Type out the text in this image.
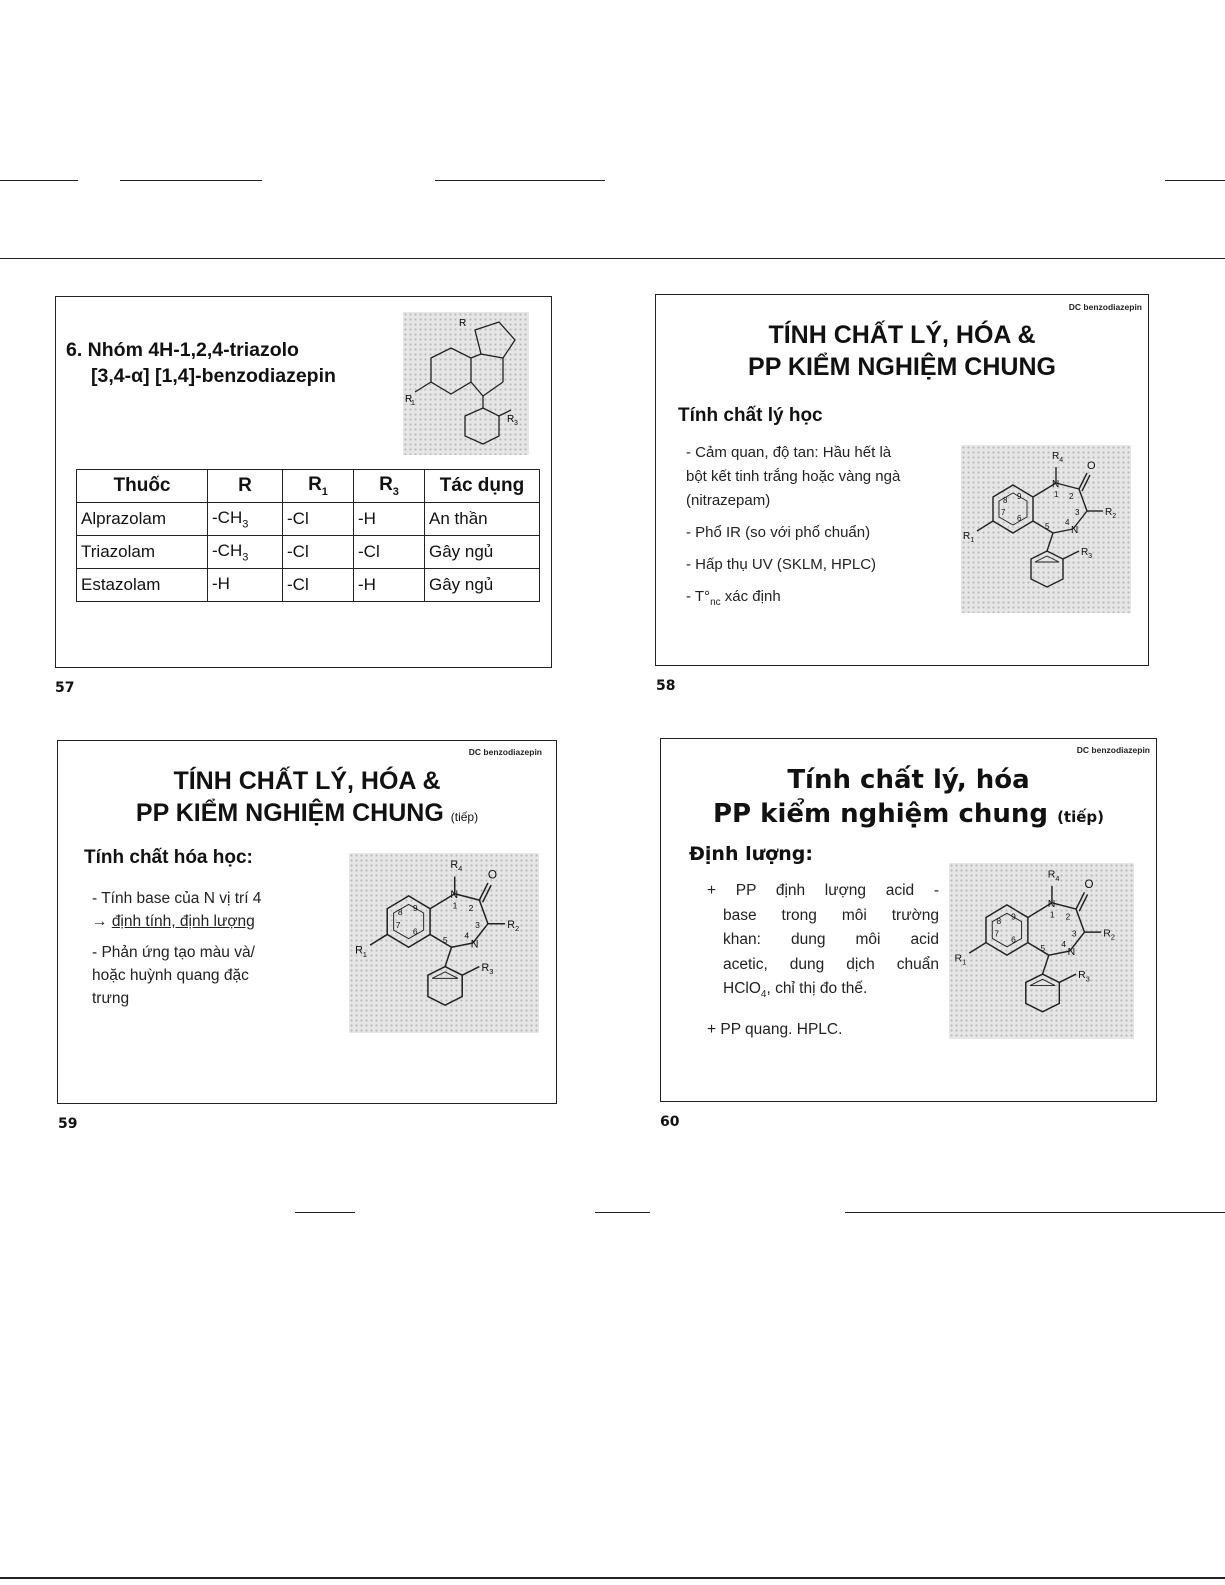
6. Nhóm 4H-1,2,4-triazolo
[3,4-α] [1,4]-benzodiazepin
R
R
1
R 3
Thuốc	R	$R_1$	$R_3$	Tác dụng
Alprazolam	$-CH_3$	-Cl	-H	An thần
Triazolam	$-CH_3$	-Cl	-Cl	Gây ngủ
Estazolam	-H	-Cl	-H	Gây ngủ
57
DC benzodiazepin
TÍNH CHẤT LÝ, HÓA &
PP KIỂM NGHIỆM CHUNG
Tính chất lý học
- Cảm quan, độ tan: Hầu hết là
bột kết tinh trắng hoặc vàng ngà
(nitrazepam)
- Phổ IR (so với phổ chuẩn)
- Hấp thụ UV (SKLM, HPLC)
- $T^\circ_{nc}$ xác định
$R_4$ O
N
N
$R_2$
$R_1$
$R_3$
1 2
3
4
5
6
7
8 9
58
DC benzodiazepin
TÍNH CHẤT LÝ, HÓA &
PP KIỂM NGHIỆM CHUNG (tiếp)
Tính chất hóa học:
- Tính base của N vị trí 4
→ định tính, định lượng
- Phản ứng tạo màu và/
hoặc huỳnh quang đặc
trưng
$R_4$ O
N
N
$R_2$
$R_1$
$R_3$
1 2
3
4
5
6
7
8 9
59
DC benzodiazepin
Tính chất lý, hóa
PP kiểm nghiệm chung (tiếp)
Định lượng:
+ PP định lượng acid -
base trong môi trường
khan: dung môi acid
acetic, dung dịch chuẩn
HClO$_4$, chỉ thị đo thế.
+ PP quang. HPLC.
$R_4$
O
N
N
$R_2$
$R_1$
$R_3$
1 2
3
4
5
6
7
8 9
60
